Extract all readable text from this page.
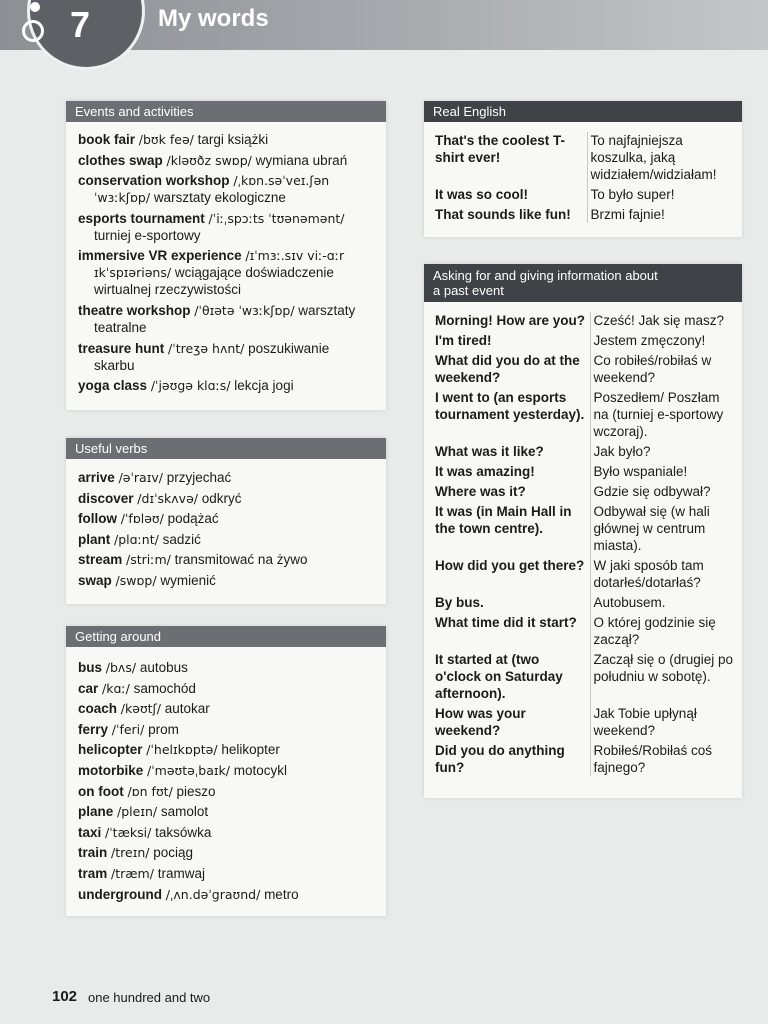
7	My words
Events and activities
book fair /bʊk feə/ targi książki
clothes swap /kləʊðz swɒp/ wymiana ubrań
conservation workshop /ˌkɒn.səˈveɪ.ʃən
ˈwɜːkʃɒp/ warsztaty ekologiczne
esports tournament /ˈiːˌspɔːts ˈtʊənəmənt/
turniej e-sportowy
immersive VR experience /ɪˈmɜː.sɪv viː-ɑːr
ɪkˈspɪəriəns/ wciągające doświadczenie
wirtualnej rzeczywistości
theatre workshop /ˈθɪətə ˈwɜːkʃɒp/ warsztaty
teatralne
treasure hunt /ˈtreʒə hʌnt/ poszukiwanie
skarbu
yoga class /ˈjəʊgə klɑːs/ lekcja jogi
Useful verbs
arrive /əˈraɪv/ przyjechać
discover /dɪˈskʌvə/ odkryć
follow /ˈfɒləʊ/ podążać
plant /plɑːnt/ sadzić
stream /striːm/ transmitować na żywo
swap /swɒp/ wymienić
Getting around
bus /bʌs/ autobus
car /kɑː/ samochód
coach /kəʊtʃ/ autokar
ferry /ˈferi/ prom
helicopter /ˈhelɪkɒptə/ helikopter
motorbike /ˈməʊtəˌbaɪk/ motocykl
on foot /ɒn fʊt/ pieszo
plane /pleɪn/ samolot
taxi /ˈtæksi/ taksówka
train /treɪn/ pociąg
tram /træm/ tramwaj
underground /ˌʌn.dəˈgraʊnd/ metro
Real English
That's the coolest T-shirt ever!	To najfajniejsza koszulka, jaką widziałem/widziałam!
It was so cool!	To było super!
That sounds like fun!	Brzmi fajnie!
Asking for and giving information about
a past event
Morning! How are you?	Cześć! Jak się masz?
I'm tired!	Jestem zmęczony!
What did you do at the weekend?	Co robiłeś/robiłaś w weekend?
I went to (an esports tournament yesterday).	Poszedłem/ Poszłam na (turniej e-sportowy wczoraj).
What was it like?	Jak było?
It was amazing!	Było wspaniale!
Where was it?	Gdzie się odbywał?
It was (in Main Hall in the town centre).	Odbywał się (w hali głównej w centrum miasta).
How did you get there?	W jaki sposób tam dotarłeś/dotarłaś?
By bus.	Autobusem.
What time did it start?	O której godzinie się zaczął?
It started at (two o'clock on Saturday afternoon).	Zaczął się o (drugiej po południu w sobotę).
How was your weekend?	Jak Tobie upłynął weekend?
Did you do anything fun?	Robiłeś/Robiłaś coś fajnego?
102 one hundred and two
